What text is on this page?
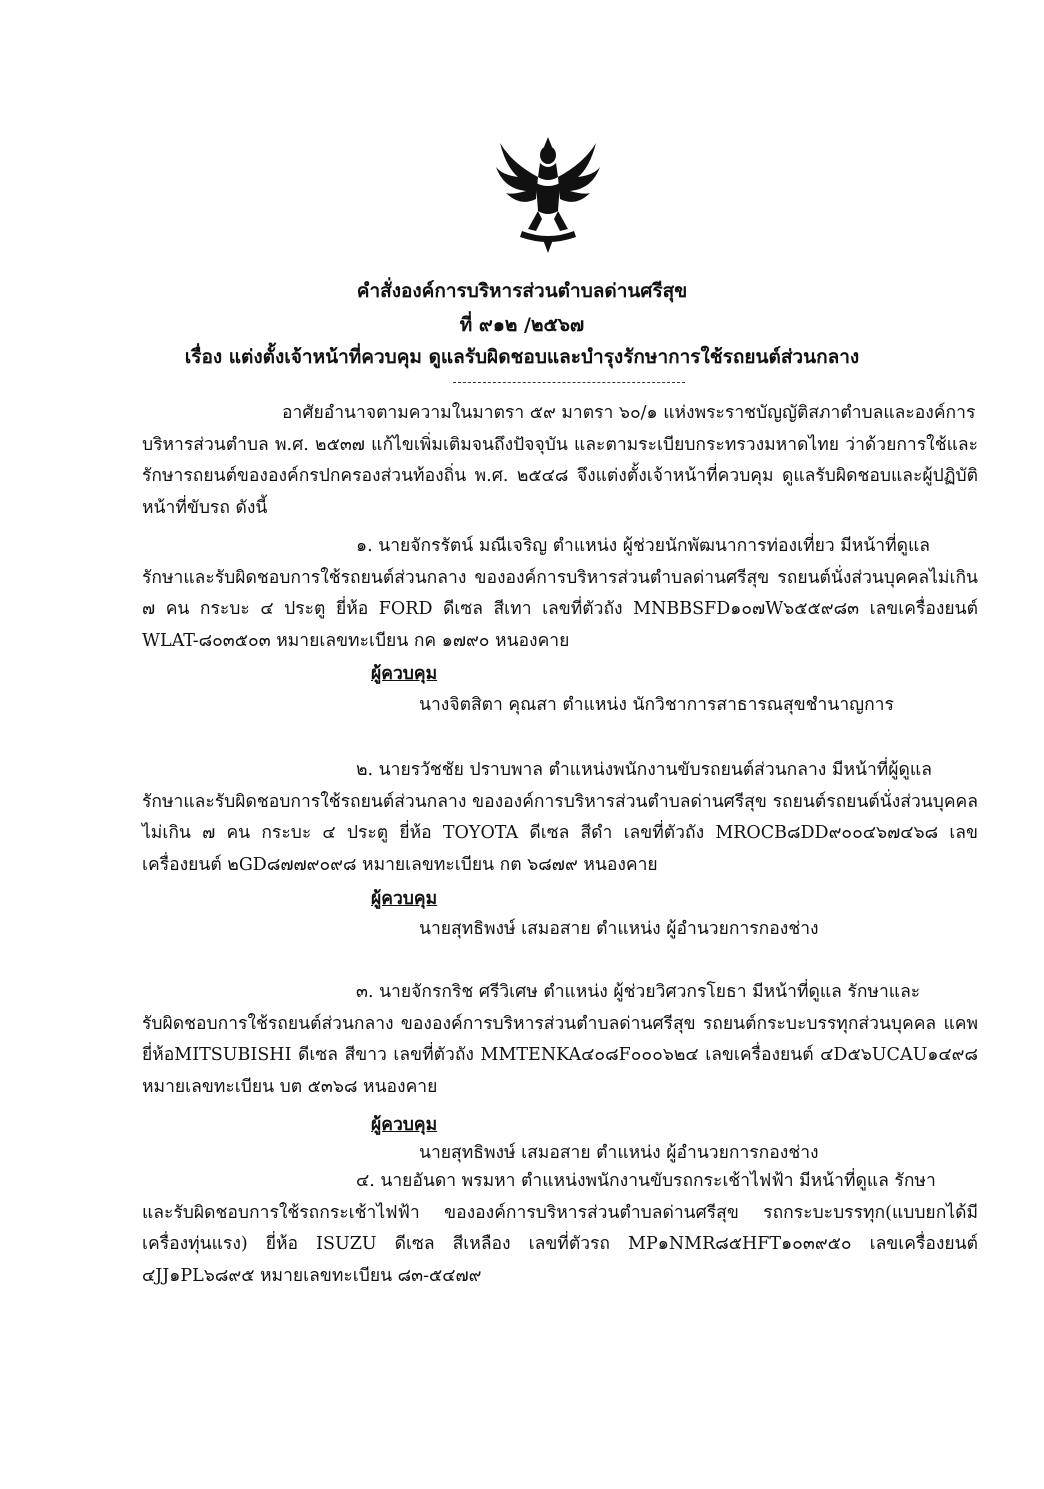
คำสั่งองค์การบริหารส่วนตำบลด่านศรีสุข
ที่ ๙๑๒ /๒๕๖๗
เรื่อง แต่งตั้งเจ้าหน้าที่ควบคุม ดูแลรับผิดชอบและบำรุงรักษาการใช้รถยนต์ส่วนกลาง
อาศัยอำนาจตามความในมาตรา ๕๙ มาตรา ๖๐/๑ แห่งพระราชบัญญัติสภาตำบลและองค์การ
บริหารส่วนตำบล พ.ศ. ๒๕๓๗ แก้ไขเพิ่มเติมจนถึงปัจจุบัน และตามระเบียบกระทรวงมหาดไทย ว่าด้วยการใช้และรักษารถยนต์ขององค์กรปกครองส่วนท้องถิ่น พ.ศ. ๒๕๔๘ จึงแต่งตั้งเจ้าหน้าที่ควบคุม ดูแลรับผิดชอบและผู้ปฏิบัติหน้าที่ขับรถ ดังนี้
๑. นายจักรรัตน์ มณีเจริญ ตำแหน่ง ผู้ช่วยนักพัฒนาการท่องเที่ยว มีหน้าที่ดูแล
รักษาและรับผิดชอบการใช้รถยนต์ส่วนกลาง ขององค์การบริหารส่วนตำบลด่านศรีสุข รถยนต์นั่งส่วนบุคคลไม่เกิน ๗ คน กระบะ ๔ ประตู ยี่ห้อ FORD ดีเซล สีเทา เลขที่ตัวถัง MNBBSFD๑๐๗W๖๕๕๙๘๓ เลขเครื่องยนต์ WLAT-๘๐๓๕๐๓ หมายเลขทะเบียน กค ๑๗๙๐ หนองคาย
ผู้ควบคุม
นางจิตสิตา คุณสา ตำแหน่ง นักวิชาการสาธารณสุขชำนาญการ
๒. นายรวัชชัย ปราบพาล ตำแหน่งพนักงานขับรถยนต์ส่วนกลาง มีหน้าที่ผู้ดูแล
รักษาและรับผิดชอบการใช้รถยนต์ส่วนกลาง ขององค์การบริหารส่วนตำบลด่านศรีสุข รถยนต์รถยนต์นั่งส่วนบุคคลไม่เกิน ๗ คน กระบะ ๔ ประตู ยี่ห้อ TOYOTA ดีเซล สีดำ เลขที่ตัวถัง MROCB๘DD๙๐๐๔๖๗๔๖๘ เลขเครื่องยนต์ ๒GD๘๗๗๙๐๙๘ หมายเลขทะเบียน กต ๖๘๗๙ หนองคาย
ผู้ควบคุม
นายสุทธิพงษ์ เสมอสาย ตำแหน่ง ผู้อำนวยการกองช่าง
๓. นายจักรกริช ศรีวิเศษ ตำแหน่ง ผู้ช่วยวิศวกรโยธา มีหน้าที่ดูแล รักษาและ
รับผิดชอบการใช้รถยนต์ส่วนกลาง ขององค์การบริหารส่วนตำบลด่านศรีสุข รถยนต์กระบะบรรทุกส่วนบุคคล แคพ ยี่ห้อMITSUBISHI ดีเซล สีขาว เลขที่ตัวถัง MMTENKA๔๐๘F๐๐๐๖๒๔ เลขเครื่องยนต์ ๔D๕๖UCAU๑๔๙๘ หมายเลขทะเบียน บต ๕๓๖๘ หนองคาย
ผู้ควบคุม
นายสุทธิพงษ์ เสมอสาย ตำแหน่ง ผู้อำนวยการกองช่าง
๔. นายอันดา พรมหา ตำแหน่งพนักงานขับรถกระเช้าไฟฟ้า มีหน้าที่ดูแล รักษา
และรับผิดชอบการใช้รถกระเช้าไฟฟ้า ขององค์การบริหารส่วนตำบลด่านศรีสุข รถกระบะบรรทุก(แบบยกได้มีเครื่องทุ่นแรง) ยี่ห้อ ISUZU ดีเซล สีเหลือง เลขที่ตัวรถ MP๑NMR๘๕HFT๑๐๓๙๕๐ เลขเครื่องยนต์ ๔JJ๑PL๖๘๙๕ หมายเลขทะเบียน ๘๓-๕๔๗๙
